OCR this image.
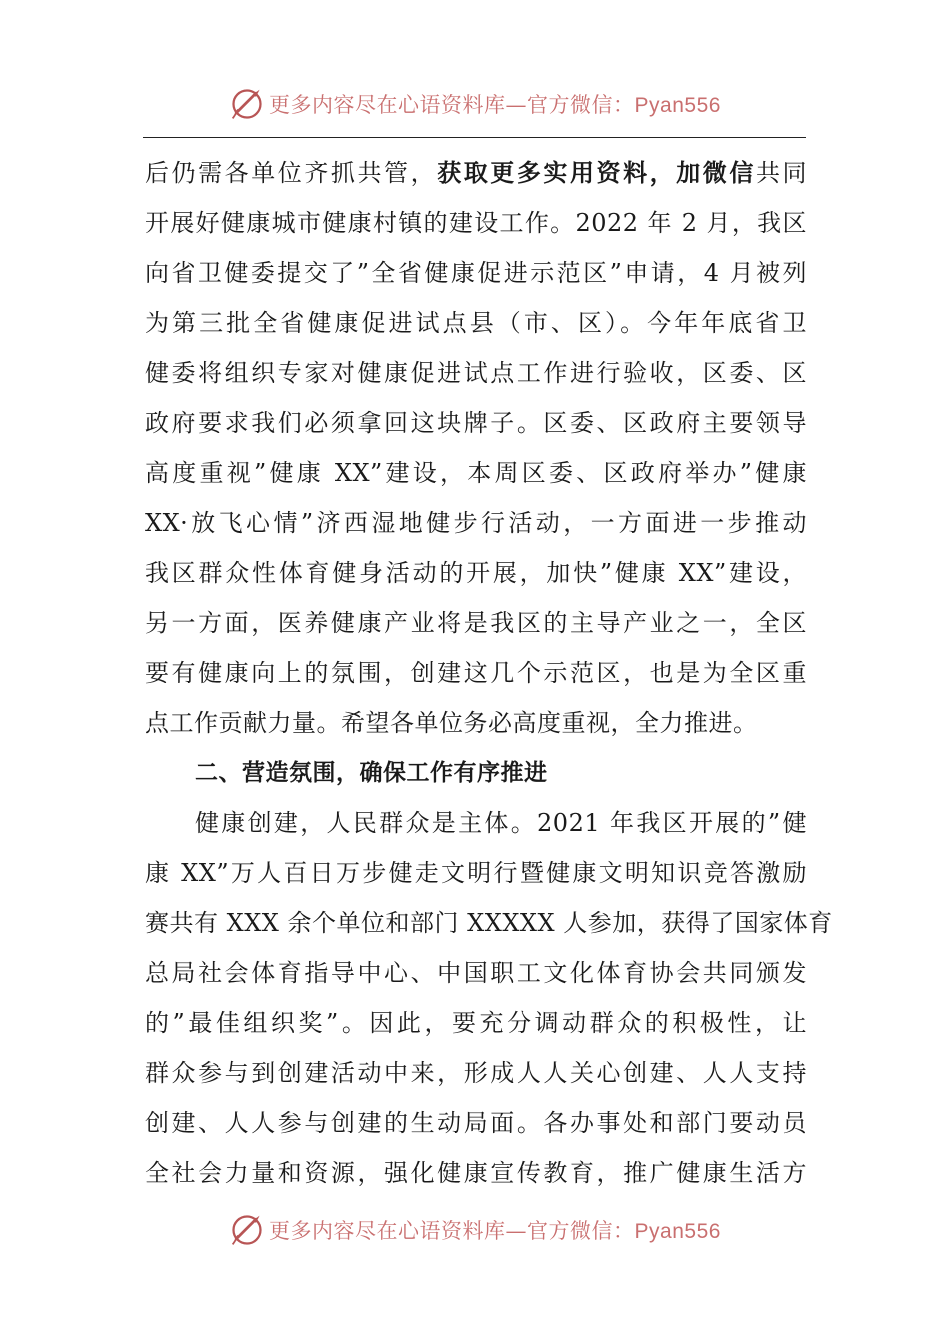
更多内容尽在心语资料库—官方微信：Pyan556
后仍需各单位齐抓共管，获取更多实用资料，加微信共同
开展好健康城市健康村镇的建设工作。2022 年 2 月，我区
向省卫健委提交了”全省健康促进示范区”申请，4 月被列
为第三批全省健康促进试点县（市、区）。今年年底省卫
健委将组织专家对健康促进试点工作进行验收，区委、区
政府要求我们必须拿回这块牌子。区委、区政府主要领导
高度重视”健康 XX”建设，本周区委、区政府举办”健康
XX·放飞心情”济西湿地健步行活动，一方面进一步推动
我区群众性体育健身活动的开展，加快”健康 XX”建设，
另一方面，医养健康产业将是我区的主导产业之一，全区
要有健康向上的氛围，创建这几个示范区，也是为全区重
点工作贡献力量。希望各单位务必高度重视，全力推进。
二、营造氛围，确保工作有序推进
健康创建，人民群众是主体。2021 年我区开展的”健
康 XX”万人百日万步健走文明行暨健康文明知识竞答激励
赛共有 XXX 余个单位和部门 XXXXX 人参加，获得了国家体育
总局社会体育指导中心、中国职工文化体育协会共同颁发
的”最佳组织奖”。因此，要充分调动群众的积极性，让
群众参与到创建活动中来，形成人人关心创建、人人支持
创建、人人参与创建的生动局面。各办事处和部门要动员
全社会力量和资源，强化健康宣传教育，推广健康生活方
更多内容尽在心语资料库—官方微信：Pyan556
